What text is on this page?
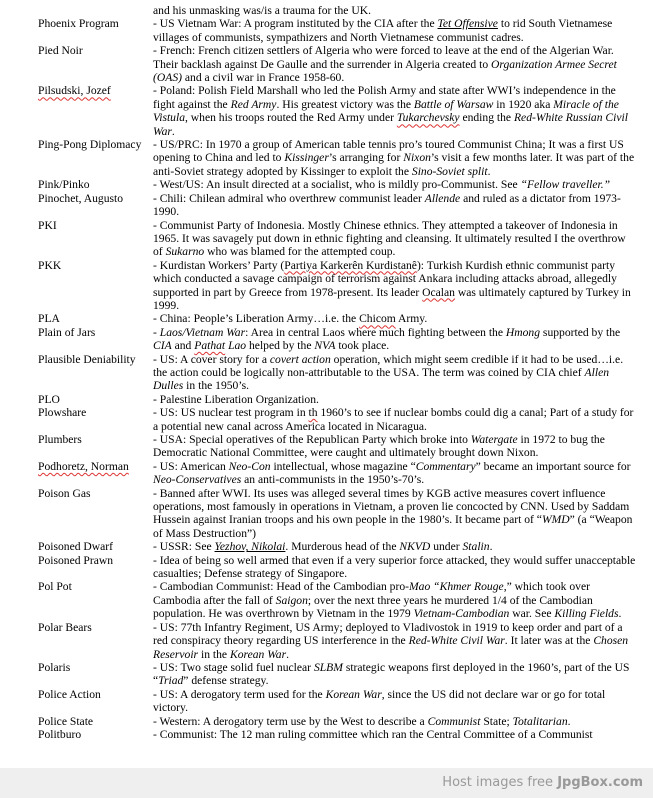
and his unmasking was/is a trauma for the UK.
Phoenix Program	- US Vietnam War: A program instituted by the CIA after the Tet Offensive to rid South Vietnamese villages of communists, sympathizers and North Vietnamese communist cadres.
Pied Noir	- French: French citizen settlers of Algeria who were forced to leave at the end of the Algerian War. Their backlash against De Gaulle and the surrender in Algeria created to Organization Armee Secret (OAS) and a civil war in France 1958-60.
Pilsudski, Jozef	- Poland: Polish Field Marshall who led the Polish Army and state after WWI’s independence in the fight against the Red Army. His greatest victory was the Battle of Warsaw in 1920 aka Miracle of the Vistula, when his troops routed the Red Army under Tukarchevsky ending the Red-White Russian Civil War.
Ping-Pong Diplomacy	- US/PRC: In 1970 a group of American table tennis pro’s toured Communist China; It was a first US opening to China and led to Kissinger’s arranging for Nixon’s visit a few months later. It was part of the anti-Soviet strategy adopted by Kissinger to exploit the Sino-Soviet split.
Pink/Pinko	- West/US: An insult directed at a socialist, who is mildly pro-Communist. See “Fellow traveller.”
Pinochet, Augusto	- Chili: Chilean admiral who overthrew communist leader Allende and ruled as a dictator from 1973-1990.
PKI	- Communist Party of Indonesia. Mostly Chinese ethnics. They attempted a takeover of Indonesia in 1965. It was savagely put down in ethnic fighting and cleansing. It ultimately resulted I the overthrow of Sukarno who was blamed for the attempted coup.
PKK	- Kurdistan Workers’ Party (Partiya Karkerên Kurdistanê): Turkish Kurdish ethnic communist party which conducted a savage campaign of terrorism against Ankara including attacks abroad, allegedly supported in part by Greece from 1978-present. Its leader Ocalan was ultimately captured by Turkey in 1999.
PLA	- China: People’s Liberation Army…i.e. the Chicom Army.
Plain of Jars	- Laos/Vietnam War: Area in central Laos where much fighting between the Hmong supported by the CIA and Pathat Lao helped by the NVA took place.
Plausible Deniability	- US: A cover story for a covert action operation, which might seem credible if it had to be used…i.e. the action could be logically non-attributable to the USA. The term was coined by CIA chief Allen Dulles in the 1950’s.
PLO	- Palestine Liberation Organization.
Plowshare	- US: US nuclear test program in th 1960’s to see if nuclear bombs could dig a canal; Part of a study for a potential new canal across America located in Nicaragua.
Plumbers	- USA: Special operatives of the Republican Party which broke into Watergate in 1972 to bug the Democratic National Committee, were caught and ultimately brought down Nixon.
Podhoretz, Norman	- US: American Neo-Con intellectual, whose magazine “Commentary” became an important source for Neo-Conservatives an anti-communists in the 1950’s-70’s.
Poison Gas	- Banned after WWI. Its uses was alleged several times by KGB active measures covert influence operations, most famously in operations in Vietnam, a proven lie concocted by CNN. Used by Saddam Hussein against Iranian troops and his own people in the 1980’s. It became part of “WMD” (a “Weapon of Mass Destruction”)
Poisoned Dwarf	- USSR: See Yezhov, Nikolai. Murderous head of the NKVD under Stalin.
Poisoned Prawn	- Idea of being so well armed that even if a very superior force attacked, they would suffer unacceptable casualties; Defense strategy of Singapore.
Pol Pot	- Cambodian Communist: Head of the Cambodian pro-Mao “Khmer Rouge,” which took over Cambodia after the fall of Saigon; over the next three years he murdered 1/4 of the Cambodian population. He was overthrown by Vietnam in the 1979 Vietnam-Cambodian war. See Killing Fields.
Polar Bears	- US: 77th Infantry Regiment, US Army; deployed to Vladivostok in 1919 to keep order and part of a red conspiracy theory regarding US interference in the Red-White Civil War. It later was at the Chosen Reservoir in the Korean War.
Polaris	- US: Two stage solid fuel nuclear SLBM strategic weapons first deployed in the 1960’s, part of the US “Triad” defense strategy.
Police Action	- US: A derogatory term used for the Korean War, since the US did not declare war or go for total victory.
Police State	- Western: A derogatory term use by the West to describe a Communist State; Totalitarian.
Politburo	- Communist: The 12 man ruling committee which ran the Central Committee of a Communist
Host images free JpgBox.com
